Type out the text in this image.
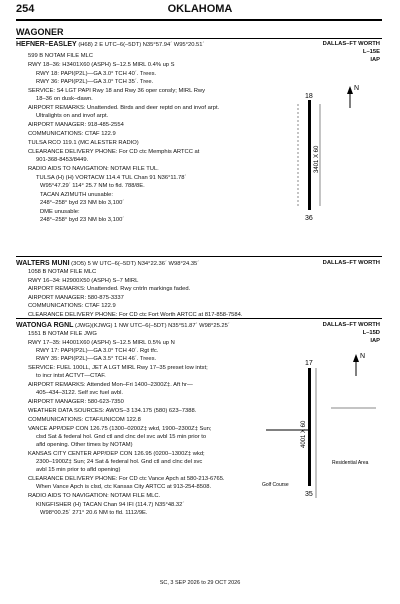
254	OKLAHOMA
WAGONER
HEFNER–EASLEY (H68) 2 E UTC–6(–5DT) N35°57.94´ W95°20.51´	DALLAS–FT WORTH
L–15E
IAP
599 B NOTAM FILE MLC
RWY 18–36: H3401X60 (ASPH) S–12.5 MIRL 0.4% up S
RWY 18: PAPI(P2L)—GA 3.0° TCH 40´. Trees.
RWY 36: PAPI(P2L)—GA 3.0° TCH 35´. Tree.
SERVICE: S4 LGT PAPI Rwy 18 and Rwy 36 oper consly; MIRL Rwy
18–36 on dusk–dawn.
AIRPORT REMARKS: Unattended. Birds and deer reptd on and invof arpt.
Ultralights on and invof arpt.
AIRPORT MANAGER: 918-485-2554
COMMUNICATIONS: CTAF 122.9
TULSA RCO 119.1 (MC ALESTER RADIO)
CLEARANCE DELIVERY PHONE: For CD ctc Memphis ARTCC at
901-368-8453/8449.
RADIO AIDS TO NAVIGATION: NOTAM FILE TUL.
TULSA (H) (H) VORTACW 114.4 TUL Chan 91 N36°11.78´
W95°47.29´ 114° 25.7 NM to fld. 788/8E.
TACAN AZIMUTH unusable:
248°–258° byd 23 NM blo 3,100´
DME unusable:
248°–258° byd 23 NM blo 3,100´
N
18
36
3401 X 60
WALTERS MUNI (3O5) 5 W UTC–6(–5DT) N34°22.36´ W98°24.35´	DALLAS–FT WORTH
1058 B NOTAM FILE MLC
RWY 16–34: H2900X50 (ASPH) S–7 MIRL
AIRPORT REMARKS: Unattended. Rwy cntrln markings faded.
AIRPORT MANAGER: 580-875-3337
COMMUNICATIONS: CTAF 122.9
CLEARANCE DELIVERY PHONE: For CD ctc Fort Worth ARTCC at 817-858-7584.
WATONGA RGNL (JWG)(KJWG) 1 NW UTC–6(–5DT) N35°51.87´ W98°25.25´	DALLAS–FT WORTH
L–15D
IAP
1551 B NOTAM FILE JWG
RWY 17–35: H4001X60 (ASPH) S–12.5 MIRL 0.5% up N
RWY 17: PAPI(P2L)—GA 3.0° TCH 40´. Rgt tfc.
RWY 35: PAPI(P2L)—GA 3.5° TCH 46´. Trees.
SERVICE: FUEL 100LL, JET A LGT MIRL Rwy 17–35 preset low intst;
to incr intst ACTVT—CTAF.
AIRPORT REMARKS: Attended Mon–Fri 1400–2300Z‡. Aft hr—
405–434–3122. Self svc fuel avbl.
AIRPORT MANAGER: 580-623-7350
WEATHER DATA SOURCES: AWOS–3 134.175 (580) 623–7388.
COMMUNICATIONS: CTAF/UNICOM 122.8
VANCE APP/DEP CON 126.75 (1300–0200Z‡ wkd, 1900–2300Z‡ Sun;
clsd Sat & federal hol. Gnd ctl and clnc del svc avbl 15 min prior to
afld opening. Other times by NOTAM)
KANSAS CITY CENTER APP/DEP CON 126.95 (0200–1300Z‡ wkd;
2300–1900Z‡ Sun; 24 Sat & federal hol. Gnd ctl and clnc del svc
avbl 15 min prior to afld opening)
CLEARANCE DELIVERY PHONE: For CD ctc Vance Apch at 580-213-6765.
When Vance Apch is clsd, ctc Kansas City ARTCC at 913-254-8508.
RADIO AIDS TO NAVIGATION: NOTAM FILE MLC.
KINGFISHER (H) TACAN Chan 94 IFI (114.7) N35°48.32´
W98°00.25´ 271° 20.6 NM to fld. 1112/9E.
N
17
35
4001 X 60
Golf Course
Residential Area
SC, 3 SEP 2026 to 29 OCT 2026
